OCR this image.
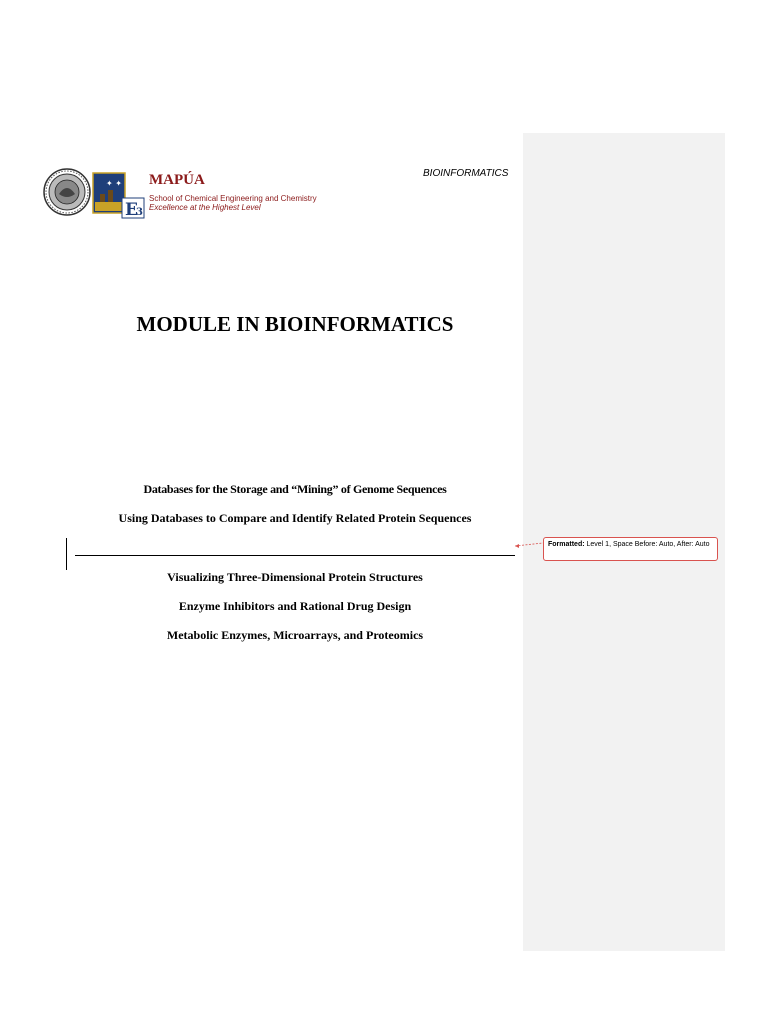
BIOINFORMATICS
✦ ✦
E
3
MAPÚA
School of Chemical Engineering and Chemistry
Excellence at the Highest Level
MODULE IN BIOINFORMATICS
Databases for the Storage and “Mining” of Genome Sequences
Using Databases to Compare and Identify Related Protein Sequences
Visualizing Three-Dimensional Protein Structures
Enzyme Inhibitors and Rational Drug Design
Metabolic Enzymes, Microarrays, and Proteomics
Formatted: Level 1, Space Before: Auto, After: Auto
